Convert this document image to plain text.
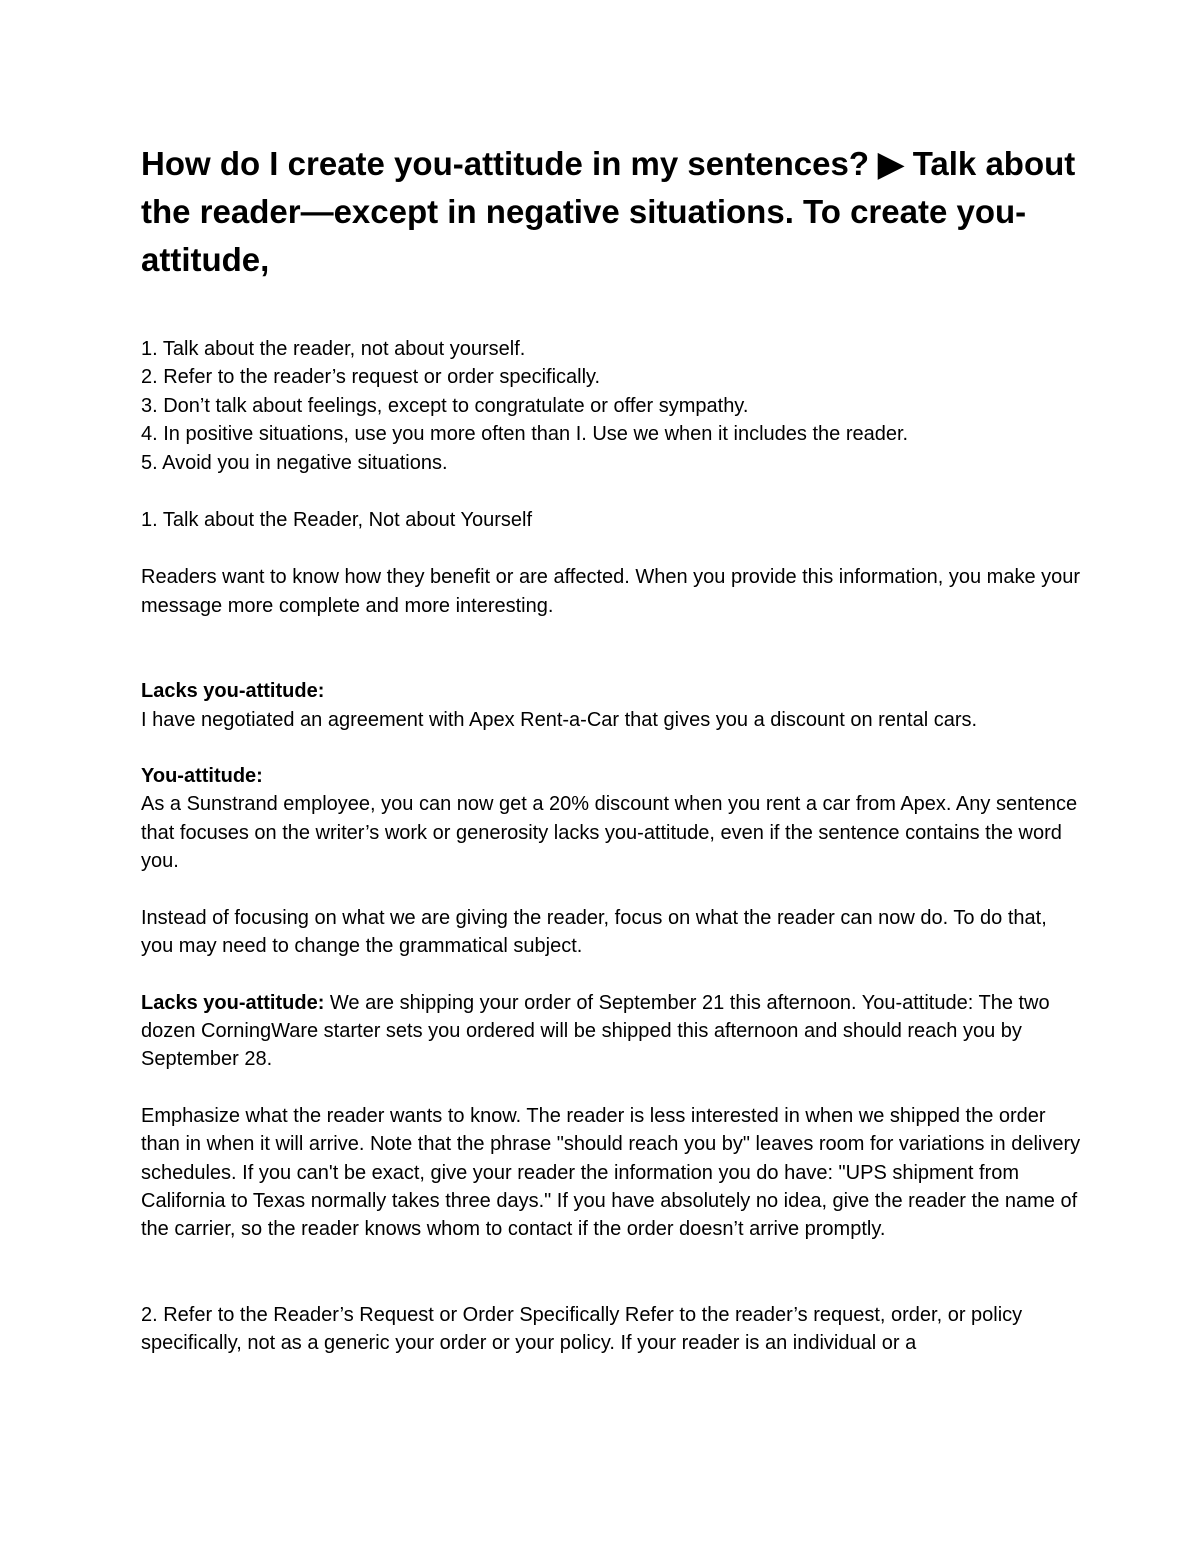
How do I create you-attitude in my sentences? ▶ Talk about the reader—except in negative situations. To create you-attitude,

1. Talk about the reader, not about yourself.

2. Refer to the reader’s request or order specifically.

3. Don’t talk about feelings, except to congratulate or offer sympathy.

4. In positive situations, use you more often than I. Use we when it includes the reader.

5. Avoid you in negative situations.

1. Talk about the Reader, Not about Yourself

Readers want to know how they benefit or are affected. When you provide this information, you make your message more complete and more interesting.

Lacks you-attitude:

I have negotiated an agreement with Apex Rent-a-Car that gives you a discount on rental cars.

You-attitude:

As a Sunstrand employee, you can now get a 20% discount when you rent a car from Apex. Any sentence that focuses on the writer’s work or generosity lacks you-attitude, even if the sentence contains the word you.

Instead of focusing on what we are giving the reader, focus on what the reader can now do. To do that, you may need to change the grammatical subject.

Lacks you-attitude: We are shipping your order of September 21 this afternoon. You-attitude: The two dozen CorningWare starter sets you ordered will be shipped this afternoon and should reach you by September 28.

Emphasize what the reader wants to know. The reader is less interested in when we shipped the order than in when it will arrive. Note that the phrase "should reach you by" leaves room for variations in delivery schedules. If you can't be exact, give your reader the information you do have: "UPS shipment from California to Texas normally takes three days." If you have absolutely no idea, give the reader the name of the carrier, so the reader knows whom to contact if the order doesn’t arrive promptly.

2. Refer to the Reader’s Request or Order Specifically Refer to the reader’s request, order, or policy specifically, not as a generic your order or your policy. If your reader is an individual or a
